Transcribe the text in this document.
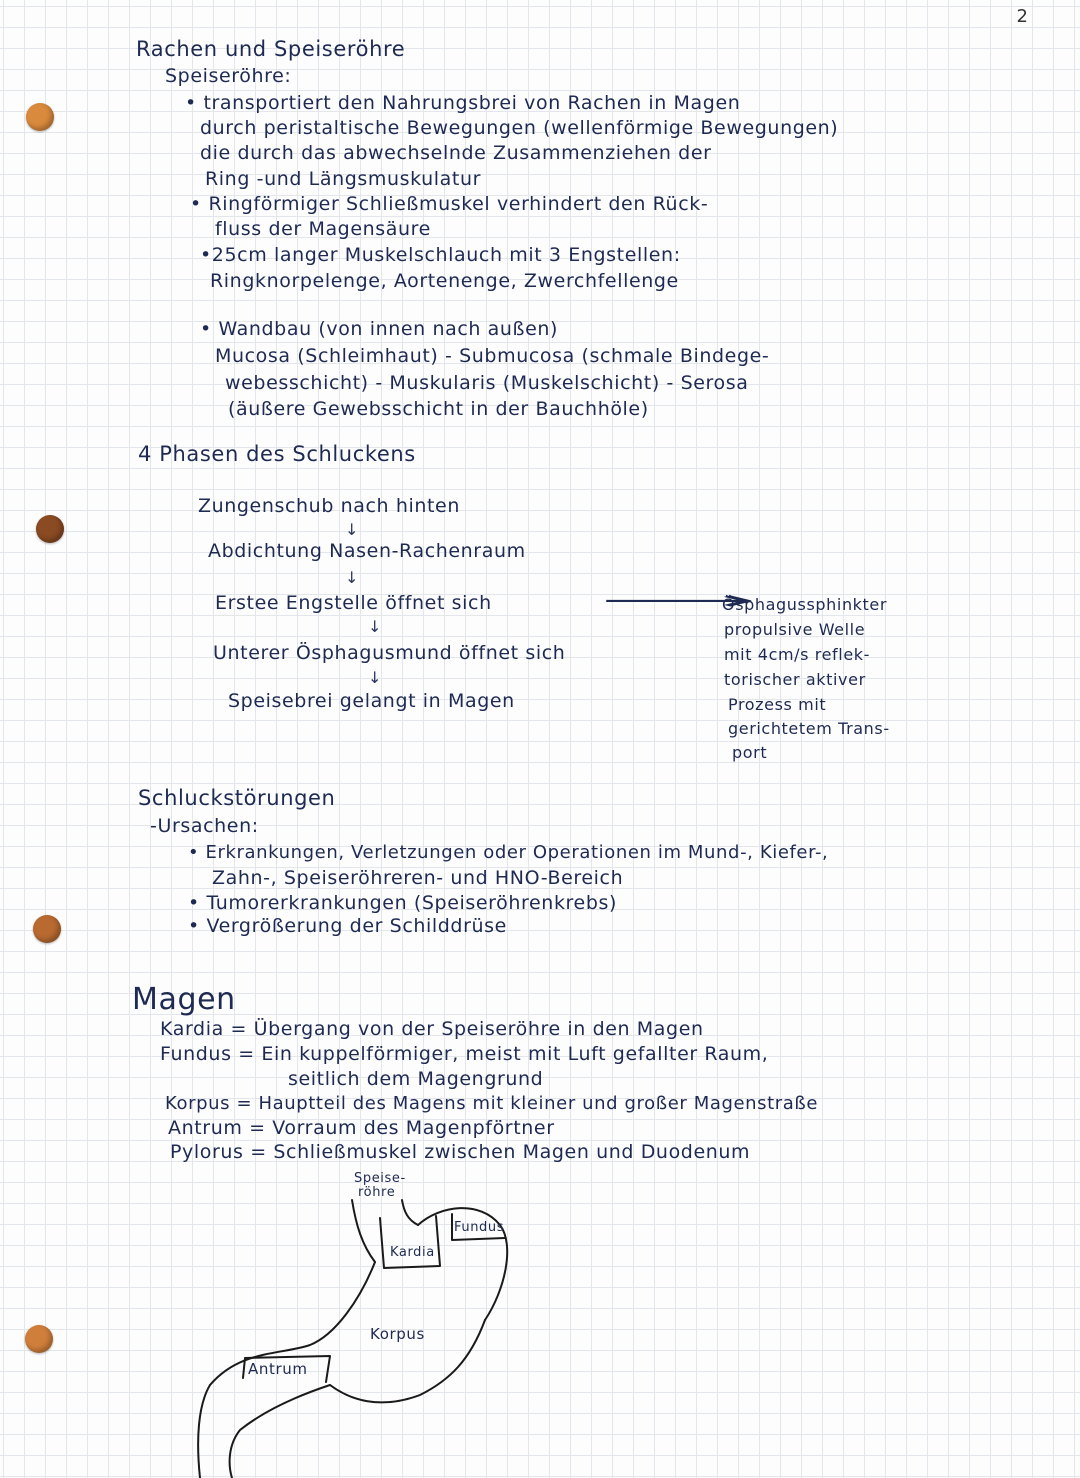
2
Rachen und Speiseröhre
Speiseröhre:
• transportiert den Nahrungsbrei von Rachen in Magen
durch peristaltische Bewegungen (wellenförmige Bewegungen)
die durch das abwechselnde Zusammenziehen der
Ring -und Längsmuskulatur
• Ringförmiger Schließmuskel verhindert den Rück-
fluss der Magensäure
•25cm langer Muskelschlauch mit 3 Engstellen:
Ringknorpelenge, Aortenenge, Zwerchfellenge
• Wandbau (von innen nach außen)
Mucosa (Schleimhaut) - Submucosa (schmale Bindege-
webesschicht) - Muskularis (Muskelschicht) - Serosa
(äußere Gewebsschicht in der Bauchhöle)
4 Phasen des Schluckens
Zungenschub nach hinten
↓
Abdichtung Nasen-Rachenraum
↓
Erstee Engstelle öffnet sich
↓
Unterer Ösphagusmund öffnet sich
↓
Speisebrei gelangt in Magen
⟶
Ösphagussphinkter
propulsive Welle
mit 4cm/s reflek-
torischer aktiver
Prozess mit
gerichtetem Trans-
port
Schluckstörungen
-Ursachen:
• Erkrankungen, Verletzungen oder Operationen im Mund-, Kiefer-,
Zahn-, Speiseröhreren- und HNO-Bereich
• Tumorerkrankungen (Speiseröhrenkrebs)
• Vergrößerung der Schilddrüse
Magen
Kardia = Übergang von der Speiseröhre in den Magen
Fundus = Ein kuppelförmiger, meist mit Luft gefallter Raum,
seitlich dem Magengrund
Korpus = Hauptteil des Magens mit kleiner und großer Magenstraße
Antrum = Vorraum des Magenpförtner
Pylorus = Schließmuskel zwischen Magen und Duodenum
Speise-
röhre
Fundus
Kardia
Korpus
Antrum
